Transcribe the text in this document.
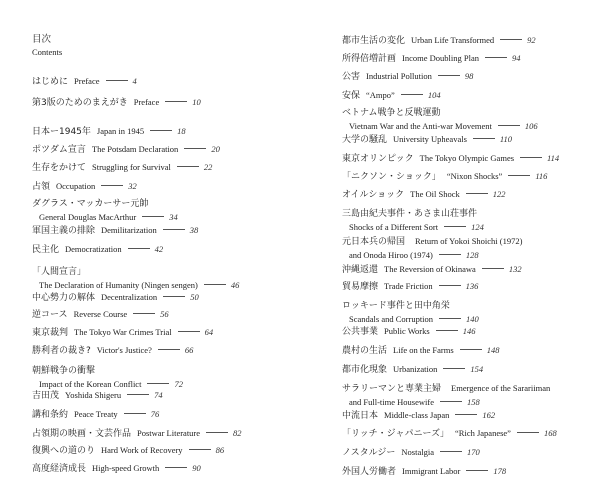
目次
Contents
はじめに Preface	4
第3版のためのまえがき Preface	10
日本ー1945年 Japan in 1945	18
ポツダム宣言 The Potsdam Declaration	20
生存をかけて Struggling for Survival	22
占領 Occupation	32
ダグラス・マッカーサー元帥
General Douglas MacArthur	34
軍国主義の排除 Demilitarization	38
民主化 Democratization	42
「人間宣言」
The Declaration of Humanity (Ningen sengen)	46
中心勢力の解体 Decentralization	50
逆コース Reverse Course	56
東京裁判 The Tokyo War Crimes Trial	64
勝利者の裁き? Victor's Justice?	66
朝鮮戦争の衝撃
Impact of the Korean Conflict	72
吉田茂 Yoshida Shigeru	74
講和条約 Peace Treaty	76
占領期の映画・文芸作品 Postwar Literature	82
復興への道のり Hard Work of Recovery	86
高度経済成長 High-speed Growth	90
都市生活の変化 Urban Life Transformed	92
所得倍増計画 Income Doubling Plan	94
公害 Industrial Pollution	98
安保 “Ampo”	104
ベトナム戦争と反戦運動
Vietnam War and the Anti-war Movement	106
大学の騒乱 University Upheavals	110
東京オリンピック The Tokyo Olympic Games	114
「ニクソン・ショック」 “Nixon Shocks”	116
オイルショック The Oil Shock	122
三島由紀夫事件・あさま山荘事件
Shocks of a Different Sort	124
元日本兵の帰国 Return of Yokoi Shoichi (1972)
and Onoda Hiroo (1974)	128
沖縄返還 The Reversion of Okinawa	132
貿易摩擦 Trade Friction	136
ロッキード事件と田中角栄
Scandals and Corruption	140
公共事業 Public Works	146
農村の生活 Life on the Farms	148
都市化現象 Urbanization	154
サラリーマンと専業主婦 Emergence of the Sarariiman
and Full-time Housewife	158
中流日本 Middle-class Japan	162
「リッチ・ジャパニーズ」 “Rich Japanese”	168
ノスタルジー Nostalgia	170
外国人労働者 Immigrant Labor	178
